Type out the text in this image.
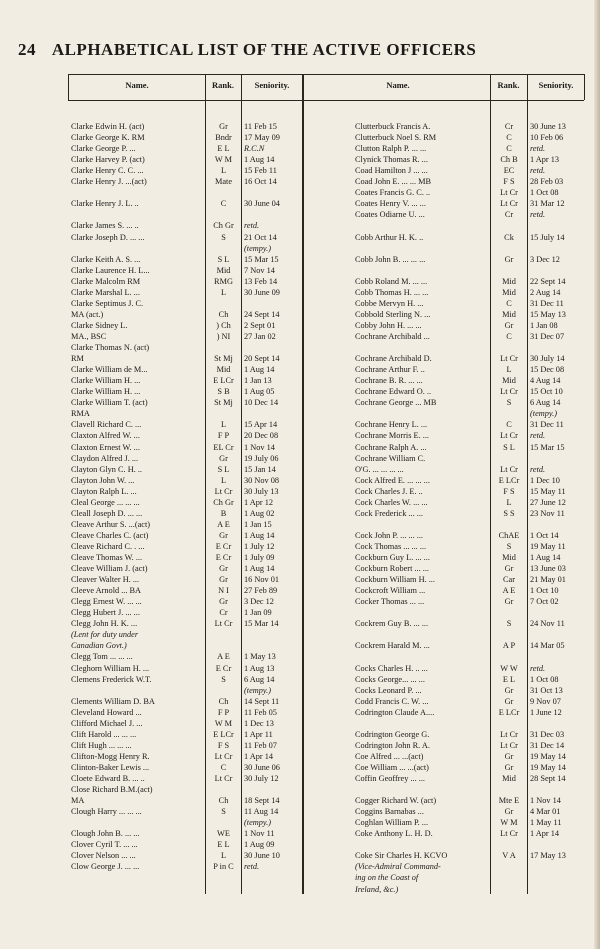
24 ALPHABETICAL LIST OF THE ACTIVE OFFICERS
Name.	Rank.	Seniority.	Name.	Rank.	Seniority.
Clarke Edwin H. (act)	Gr	11 Feb 15
Clarke George K. RM	Bndr	17 May 09
Clarke George P. ...	E L	R.C.N
Clarke Harvey P. (act)	W M	1 Aug 14
Clarke Henry C. C. ...	L	15 Feb 11
Clarke Henry J. ...(act)	Mate	16 Oct 14
Clarke Henry J. L. ..	C	30 June 04
Clarke James S. ... ..	Ch Gr	retd.
Clarke Joseph D. ... ...	S	21 Oct 14
(tempy.)
Clarke Keith A. S. ...	S L	15 Mar 15
Clarke Laurence H. L...	Mid	7 Nov 14
Clarke Malcolm RM	RMG	13 Feb 14
Clarke Marshal L. ...	L	30 June 09
Clarke Septimus J. C.
MA (act.)	Ch	24 Sept 14
Clarke Sidney L.	) Ch	2 Sept 01
MA., BSC	) NI	27 Jan 02
Clarke Thomas N. (act)
RM	St Mj	20 Sept 14
Clarke William de M...	Mid	1 Aug 14
Clarke William H. ...	E LCr	1 Jan 13
Clarke William H. ...	S B	1 Aug 05
Clarke William T. (act)	St Mj	10 Dec 14
RMA
Clavell Richard C. ...	L	15 Apr 14
Claxton Alfred W. ...	F P	20 Dec 08
Claxton Ernest W. ...	EL Cr	1 Nov 14
Claydon Alfred J. ...	Gr	19 July 06
Clayton Glyn C. H. ..	S L	15 Jan 14
Clayton John W. ...	L	30 Nov 08
Clayton Ralph L. ...	Lt Cr	30 July 13
Cleal George ... ... ...	Ch Gr	1 Apr 12
Cleall Joseph D. ... ...	B	1 Aug 02
Cleave Arthur S. ...(act)	A E	1 Jan 15
Cleave Charles C. (act)	Gr	1 Aug 14
Cleave Richard C. . ...	E Cr	1 July 12
Cleave Thomas W. ...	E Cr	1 July 09
Cleave William J. (act)	Gr	1 Aug 14
Cleaver Walter H. ...	Gr	16 Nov 01
Cleeve Arnold ... BA	N I	27 Feb 89
Clegg Ernest W. ... ...	Gr	3 Dec 12
Clegg Hubert J. ... ...	Cr	1 Jan 09
Clegg John H. K. ...	Lt Cr	15 Mar 14
(Lent for duty under
Canadian Govt.)
Clegg Tom ... ... ...	A E	1 May 13
Cleghorn William H. ...	E Cr	1 Aug 13
Clemens Frederick W.T.	S	6 Aug 14
(tempy.)
Clements William D. BA	Ch	14 Sept 11
Cleveland Howard ...	F P	11 Feb 05
Clifford Michael J. ...	W M	1 Dec 13
Clift Harold ... ... ...	E LCr	1 Apr 11
Clift Hugh ... ... ...	F S	11 Feb 07
Clifton-Mogg Henry R.	Lt Cr	1 Apr 14
Clinton-Baker Lewis ...	C	30 June 06
Cloete Edward B. ... ..	Lt Cr	30 July 12
Close Richard B.M.(act)
MA	Ch	18 Sept 14
Clough Harry ... ... ...	S	11 Aug 14
(tempy.)
Clough John B. ... ...	WE	1 Nov 11
Clover Cyril T. ... ...	E L	1 Aug 09
Clover Nelson ... ...	L	30 June 10
Clow George J. ... ...	P in C	retd.
Clutterbuck Francis A.	Cr	30 June 13
Clutterbuck Noel S. RM	C	10 Feb 06
Clutton Ralph P. ... ...	C	retd.
Clynick Thomas R. ...	Ch B	1 Apr 13
Coad Hamilton J ... ...	EC	retd.
Coad John E. ... ... MB	F S	28 Feb 03
Coates Francis G. C. ..	Lt Cr	1 Oct 08
Coates Henry V. ... ...	Lt Cr	31 Mar 12
Coates Odiarne U. ...	Cr	retd.
Cobb Arthur H. K. ..	Ck	15 July 14
Cobb John B. ... ... ...	Gr	3 Dec 12
Cobb Roland M. ... ...	Mid	22 Sept 14
Cobb Thomas H. ... ...	Mid	2 Aug 14
Cobbe Mervyn H. ...	C	31 Dec 11
Cobbold Sterling N. ...	Mid	15 May 13
Cobby John H. ... ...	Gr	1 Jan 08
Cochrane Archibald ...	C	31 Dec 07
Cochrane Archibald D.	Lt Cr	30 July 14
Cochrane Arthur F. ..	L	15 Dec 08
Cochrane B. R. ... ...	Mid	4 Aug 14
Cochrane Edward O. ..	Lt Cr	15 Oct 10
Cochrane George ... MB	S	6 Aug 14
(tempy.)
Cochrane Henry L. ...	C	31 Dec 11
Cochrane Morris E. ...	Lt Cr	retd.
Cochrane Ralph A. ...	S L	15 Mar 15
Cochrane William C.
O'G. ... ... ... ...	Lt Cr	retd.
Cock Alfred E. ... ... ...	E LCr	1 Dec 10
Cock Charles J. E. ..	F S	15 May 11
Cock Charles W. ... ...	L	27 June 12
Cock Frederick ... ...	S S	23 Nov 11
Cock John P. ... ... ...	ChAE	1 Oct 14
Cock Thomas ... ... ...	S	19 May 11
Cockburn Guy L. ... ...	Mid	1 Aug 14
Cockburn Robert ... ...	Gr	13 June 03
Cockburn William H. ...	Car	21 May 01
Cockcroft William ...	A E	1 Oct 10
Cocker Thomas ... ...	Gr	7 Oct 02
Cockrem Guy B. ... ...	S	24 Nov 11
Cockrem Harald M. ...	A P	14 Mar 05
Cocks Charles H. .. ...	W W	retd.
Cocks George... ... ...	E L	1 Oct 08
Cocks Leonard P. ...	Gr	31 Oct 13
Codd Francis C. W. ...	Gr	9 Nov 07
Codrington Claude A....	E LCr	1 June 12
Codrington George G.	Lt Cr	31 Dec 03
Codrington John R. A.	Lt Cr	31 Dec 14
Coe Alfred ... ...(act)	Gr	19 May 14
Coe William ... ...(act)	Gr	19 May 14
Coffin Geoffrey ... ...	Mid	28 Sept 14
Cogger Richard W. (act)	Mte E	1 Nov 14
Coggins Barnabas ...	Gr	4 Mar 01
Coghlan William P. ...	W M	1 May 11
Coke Anthony L. H. D.	Lt Cr	1 Apr 14
Coke Sir Charles H. KCVO	V A	17 May 13
(Vice-Admiral Command-
ing on the Coast of
Ireland, &c.)
